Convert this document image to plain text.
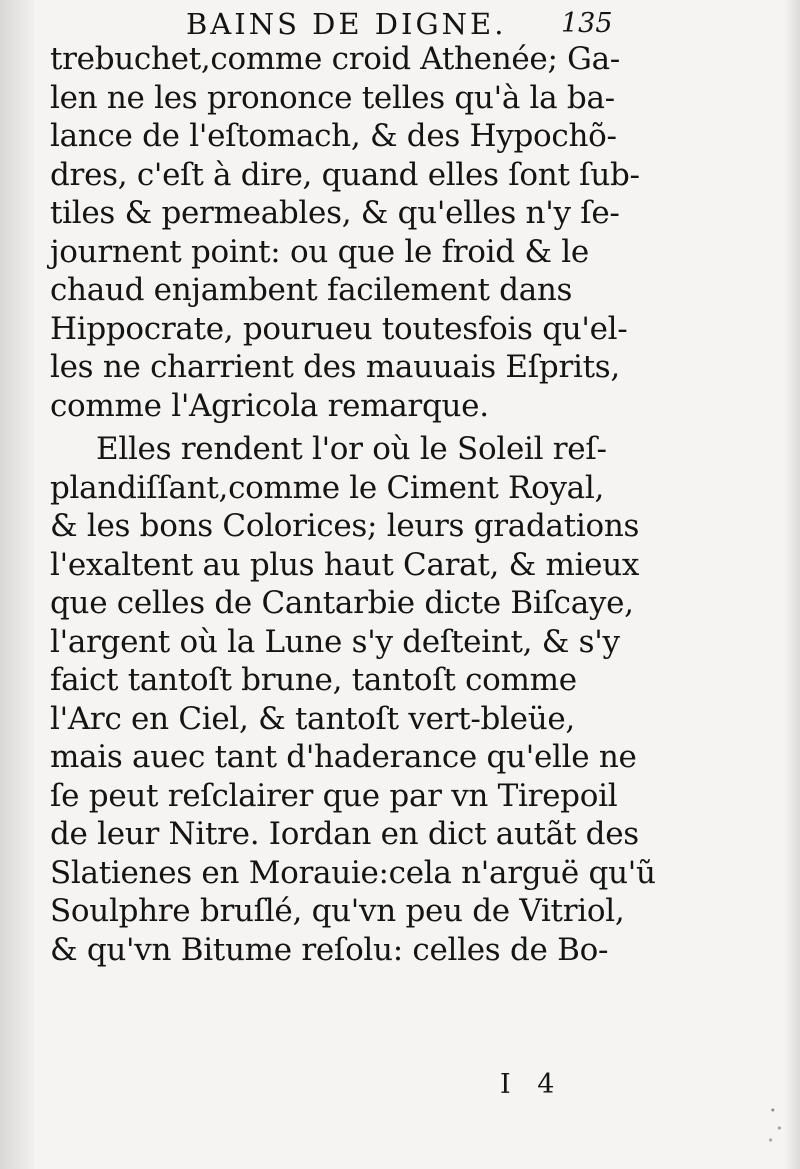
BAINS DE DIGNE. 135
trebuchet,comme croid Athenée; Ga-
len ne les prononce telles qu'à la ba-
lance de l'eſtomach, & des Hypochõ-
dres, c'eſt à dire, quand elles ſont ſub-
tiles & permeables, & qu'elles n'y ſe-
journent point: ou que le froid & le
chaud enjambent facilement dans
Hippocrate, pourueu toutesfois qu'el-
les ne charrient des mauuais Eſprits,
comme l'Agricola remarque.
Elles rendent l'or où le Soleil reſ-
plandiſſant,comme le Ciment Royal,
& les bons Colorices; leurs gradations
l'exaltent au plus haut Carat, & mieux
que celles de Cantarbie dicte Biſcaye,
l'argent où la Lune s'y deſteint, & s'y
faict tantoſt brune, tantoſt comme
l'Arc en Ciel, & tantoſt vert-bleüe,
mais auec tant d'haderance qu'elle ne
ſe peut reſclairer que par vn Tirepoil
de leur Nitre. Iordan en dict autãt des
Slatienes en Morauie:cela n'arguë qu'ũ
Soulphre bruſlé, qu'vn peu de Vitriol,
& qu'vn Bitume reſolu: celles de Bo-
I 4
